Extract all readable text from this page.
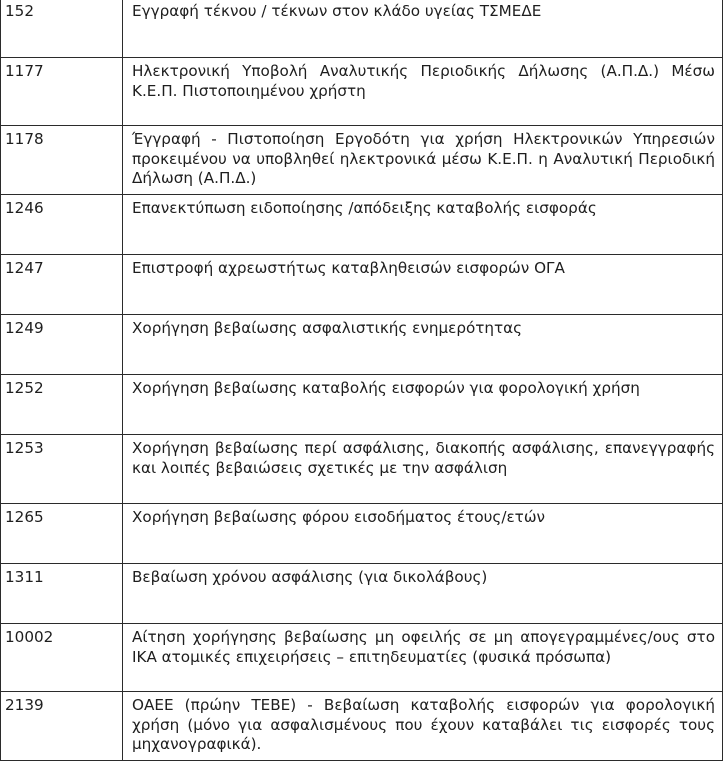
152	Εγγραφή τέκνου / τέκνων στον κλάδο υγείας ΤΣΜΕΔΕ
1177	Ηλεκτρονική Υποβολή Αναλυτικής Περιοδικής Δήλωσης (Α.Π.Δ.) Μέσω Κ.Ε.Π. Πιστοποιημένου χρήστη
1178	Έγγραφή - Πιστοποίηση Εργοδότη για χρήση Ηλεκτρονικών Υπηρεσιών προκειμένου να υποβληθεί ηλεκτρονικά μέσω Κ.Ε.Π. η Αναλυτική Περιοδική Δήλωση (Α.Π.Δ.)
1246	Επανεκτύπωση ειδοποίησης /απόδειξης καταβολής εισφοράς
1247	Επιστροφή αχρεωστήτως καταβληθεισών εισφορών ΟΓΑ
1249	Χορήγηση βεβαίωσης ασφαλιστικής ενημερότητας
1252	Χορήγηση βεβαίωσης καταβολής εισφορών για φορολογική χρήση
1253	Χορήγηση βεβαίωσης περί ασφάλισης, διακοπής ασφάλισης, επανεγγραφής και λοιπές βεβαιώσεις σχετικές με την ασφάλιση
1265	Χορήγηση βεβαίωσης φόρου εισοδήματος έτους/ετών
1311	Βεβαίωση χρόνου ασφάλισης (για δικολάβους)
10002	Αίτηση χορήγησης βεβαίωσης μη οφειλής σε μη απογεγραμμένες/ους στο ΙΚΑ ατομικές επιχειρήσεις – επιτηδευματίες (φυσικά πρόσωπα)
2139	ΟΑΕΕ (πρώην ΤΕΒΕ) - Βεβαίωση καταβολής εισφορών για φορολογική χρήση (μόνο για ασφαλισμένους που έχουν καταβάλει τις εισφορές τους μηχανογραφικά).
